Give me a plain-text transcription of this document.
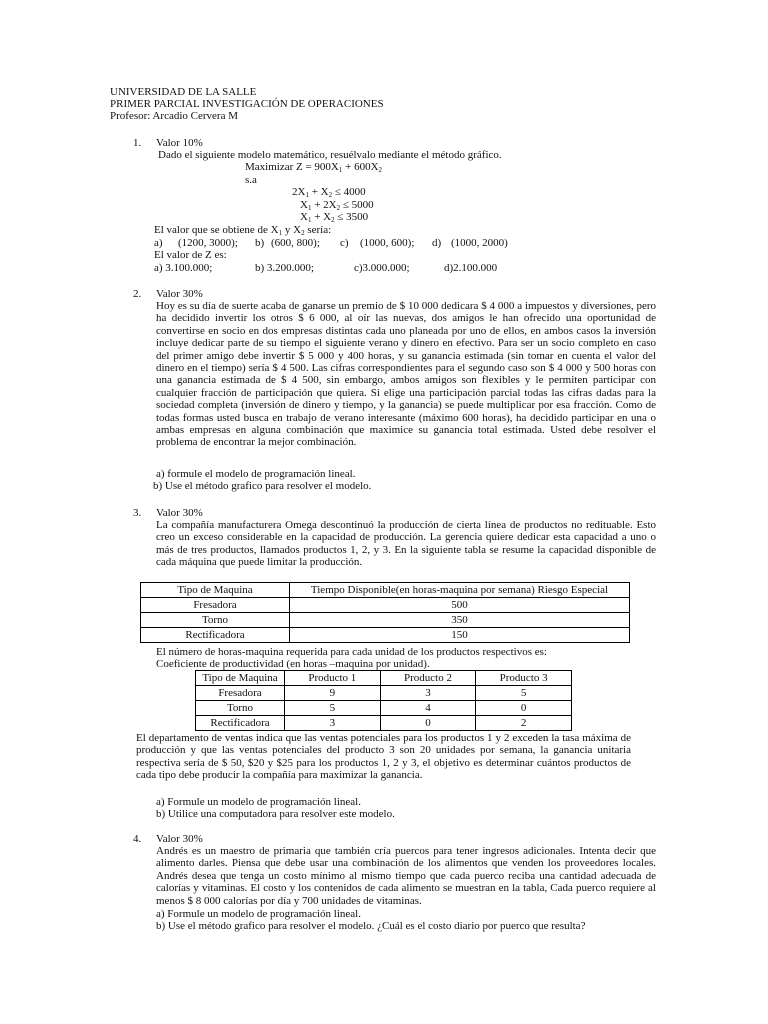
UNIVERSIDAD DE LA SALLE
PRIMER PARCIAL INVESTIGACIÓN DE OPERACIONES
Profesor: Arcadio Cervera M
1. Valor 10%
Dado el siguiente modelo matemático, resuélvalo mediante el método gráfico.
Maximizar $Z = 900X_1 + 600X_2$
s.a
$2X_1 + X_2 \le 4000$
$X_1 + 2X_2 \le 5000$
$X_1 + X_2 \le 3500$
El valor que se obtiene de $X_1$ y $X_2$ sería:
a) (1200, 3000); b) (600, 800); c) (1000, 600); d) (1000, 2000)
El valor de Z es:
a) 3.100.000;	b) 3.200.000;	c)3.000.000;	d)2.100.000
2. Valor 30%
Hoy es su día de suerte acaba de ganarse un premio de $ 10 000 dedicara $ 4 000 a impuestos y diversiones, pero ha decidido invertir los otros $ 6 000, al oír las nuevas, dos amigos le han ofrecido una oportunidad de convertirse en socio en dos empresas distintas cada uno planeada por uno de ellos, en ambos casos la inversión incluye dedicar parte de su tiempo el siguiente verano y dinero en efectivo. Para ser un socio completo en caso del primer amigo debe invertir $ 5 000 y 400 horas, y su ganancia estimada (sin tomar en cuenta el valor del dinero en el tiempo) sería $ 4 500. Las cifras correspondientes para el segundo caso son $ 4 000 y 500 horas con una ganancia estimada de $ 4 500, sin embargo, ambos amigos son flexibles y le permiten participar con cualquier fracción de participación que quiera. Si elige una participación parcial todas las cifras dadas para la sociedad completa (inversión de dinero y tiempo, y la ganancia) se puede multiplicar por esa fracción. Como de todas formas usted busca en trabajo de verano interesante (máximo 600 horas), ha decidido participar en una o ambas empresas en alguna combinación que maximice su ganancia total estimada. Usted debe resolver el problema de encontrar la mejor combinación.
a) formule el modelo de programación lineal.
b) Use el método grafico para resolver el modelo.
3. Valor 30%
La compañía manufacturera Omega descontinuó la producción de cierta línea de productos no redituable. Esto creo un exceso considerable en la capacidad de producción. La gerencia quiere dedicar esta capacidad a uno o más de tres productos, llamados productos 1, 2, y 3. En la siguiente tabla se resume la capacidad disponible de cada máquina que puede limitar la producción.
Tipo de Maquina	Tiempo Disponible(en horas-maquina por semana) Riesgo Especial
Fresadora	500
Torno	350
Rectificadora	150
El número de horas-maquina requerida para cada unidad de los productos respectivos es:
Coeficiente de productividad (en horas –maquina por unidad).
Tipo de Maquina	Producto 1	Producto 2	Producto 3
Fresadora	9	3	5
Torno	5	4	0
Rectificadora	3	0	2
El departamento de ventas indica que las ventas potenciales para los productos 1 y 2 exceden la tasa máxima de producción y que las ventas potenciales del producto 3 son 20 unidades por semana, la ganancia unitaria respectiva sería de $ 50, $20 y $25 para los productos 1, 2 y 3, el objetivo es determinar cuántos productos de cada tipo debe producir la compañía para maximizar la ganancia.
a) Formule un modelo de programación lineal.
b) Utilice una computadora para resolver este modelo.
4. Valor 30%
Andrés es un maestro de primaria que también cría puercos para tener ingresos adicionales. Intenta decir que alimento darles. Piensa que debe usar una combinación de los alimentos que venden los proveedores locales. Andrés desea que tenga un costo mínimo al mismo tiempo que cada puerco reciba una cantidad adecuada de calorías y vitaminas. El costo y los contenidos de cada alimento se muestran en la tabla, Cada puerco requiere al menos $ 8 000 calorías por día y 700 unidades de vitaminas.
a) Formule un modelo de programación lineal.
b) Use el método grafico para resolver el modelo. ¿Cuál es el costo diario por puerco que resulta?
